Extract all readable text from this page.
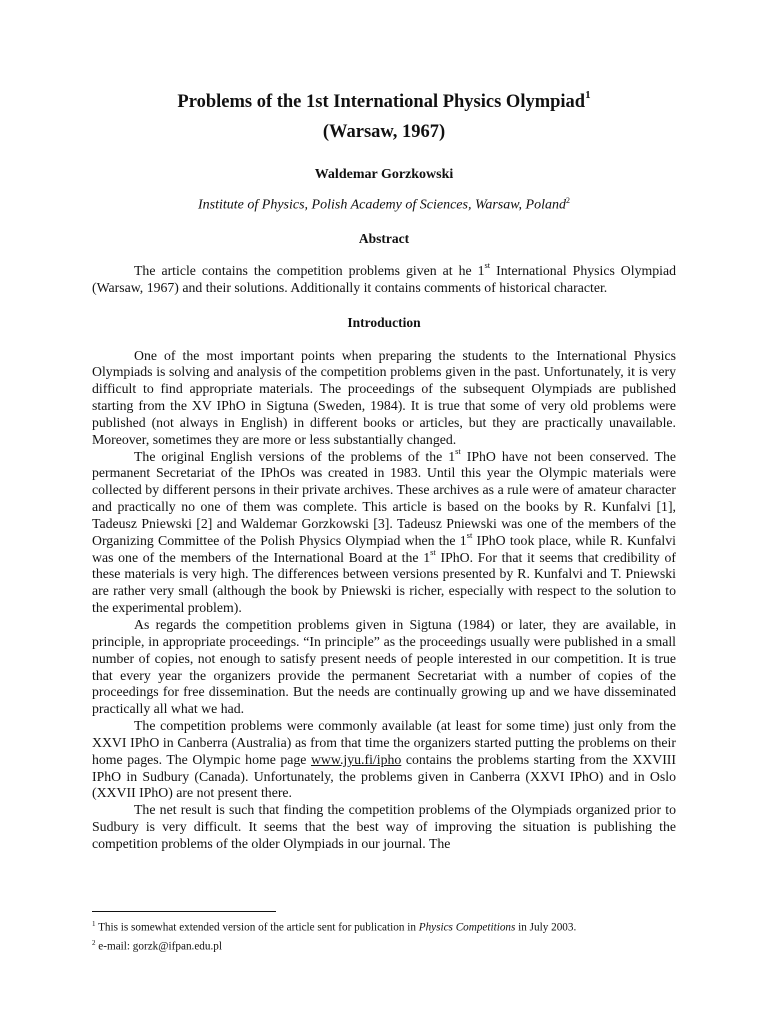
Problems of the 1st International Physics Olympiad$^1$
(Warsaw, 1967)
Waldemar Gorzkowski
Institute of Physics, Polish Academy of Sciences, Warsaw, Poland$^2$
Abstract

The article contains the competition problems given at he 1st International Physics Olympiad (Warsaw, 1967) and their solutions. Additionally it contains comments of historical character.

Introduction

One of the most important points when preparing the students to the International Physics Olympiads is solving and analysis of the competition problems given in the past. Unfortunately, it is very difficult to find appropriate materials. The proceedings of the subsequent Olympiads are published starting from the XV IPhO in Sigtuna (Sweden, 1984). It is true that some of very old problems were published (not always in English) in different books or articles, but they are practically unavailable. Moreover, sometimes they are more or less substantially changed.

The original English versions of the problems of the 1st IPhO have not been conserved. The permanent Secretariat of the IPhOs was created in 1983. Until this year the Olympic materials were collected by different persons in their private archives. These archives as a rule were of amateur character and practically no one of them was complete. This article is based on the books by R. Kunfalvi [1], Tadeusz Pniewski [2] and Waldemar Gorzkowski [3]. Tadeusz Pniewski was one of the members of the Organizing Committee of the Polish Physics Olympiad when the 1st IPhO took place, while R. Kunfalvi was one of the members of the International Board at the 1st IPhO. For that it seems that credibility of these materials is very high. The differences between versions presented by R. Kunfalvi and T. Pniewski are rather very small (although the book by Pniewski is richer, especially with respect to the solution to the experimental problem).

As regards the competition problems given in Sigtuna (1984) or later, they are available, in principle, in appropriate proceedings. “In principle” as the proceedings usually were published in a small number of copies, not enough to satisfy present needs of people interested in our competition. It is true that every year the organizers provide the permanent Secretariat with a number of copies of the proceedings for free dissemination. But the needs are continually growing up and we have disseminated practically all what we had.

The competition problems were commonly available (at least for some time) just only from the XXVI IPhO in Canberra (Australia) as from that time the organizers started putting the problems on their home pages. The Olympic home page www.jyu.fi/ipho contains the problems starting from the XXVIII IPhO in Sudbury (Canada). Unfortunately, the problems given in Canberra (XXVI IPhO) and in Oslo (XXVII IPhO) are not present there.

The net result is such that finding the competition problems of the Olympiads organized prior to Sudbury is very difficult. It seems that the best way of improving the situation is publishing the competition problems of the older Olympiads in our journal. The

$^1$ This is somewhat extended version of the article sent for publication in Physics Competitions in July 2003.
$^2$ e-mail: gorzk@ifpan.edu.pl
